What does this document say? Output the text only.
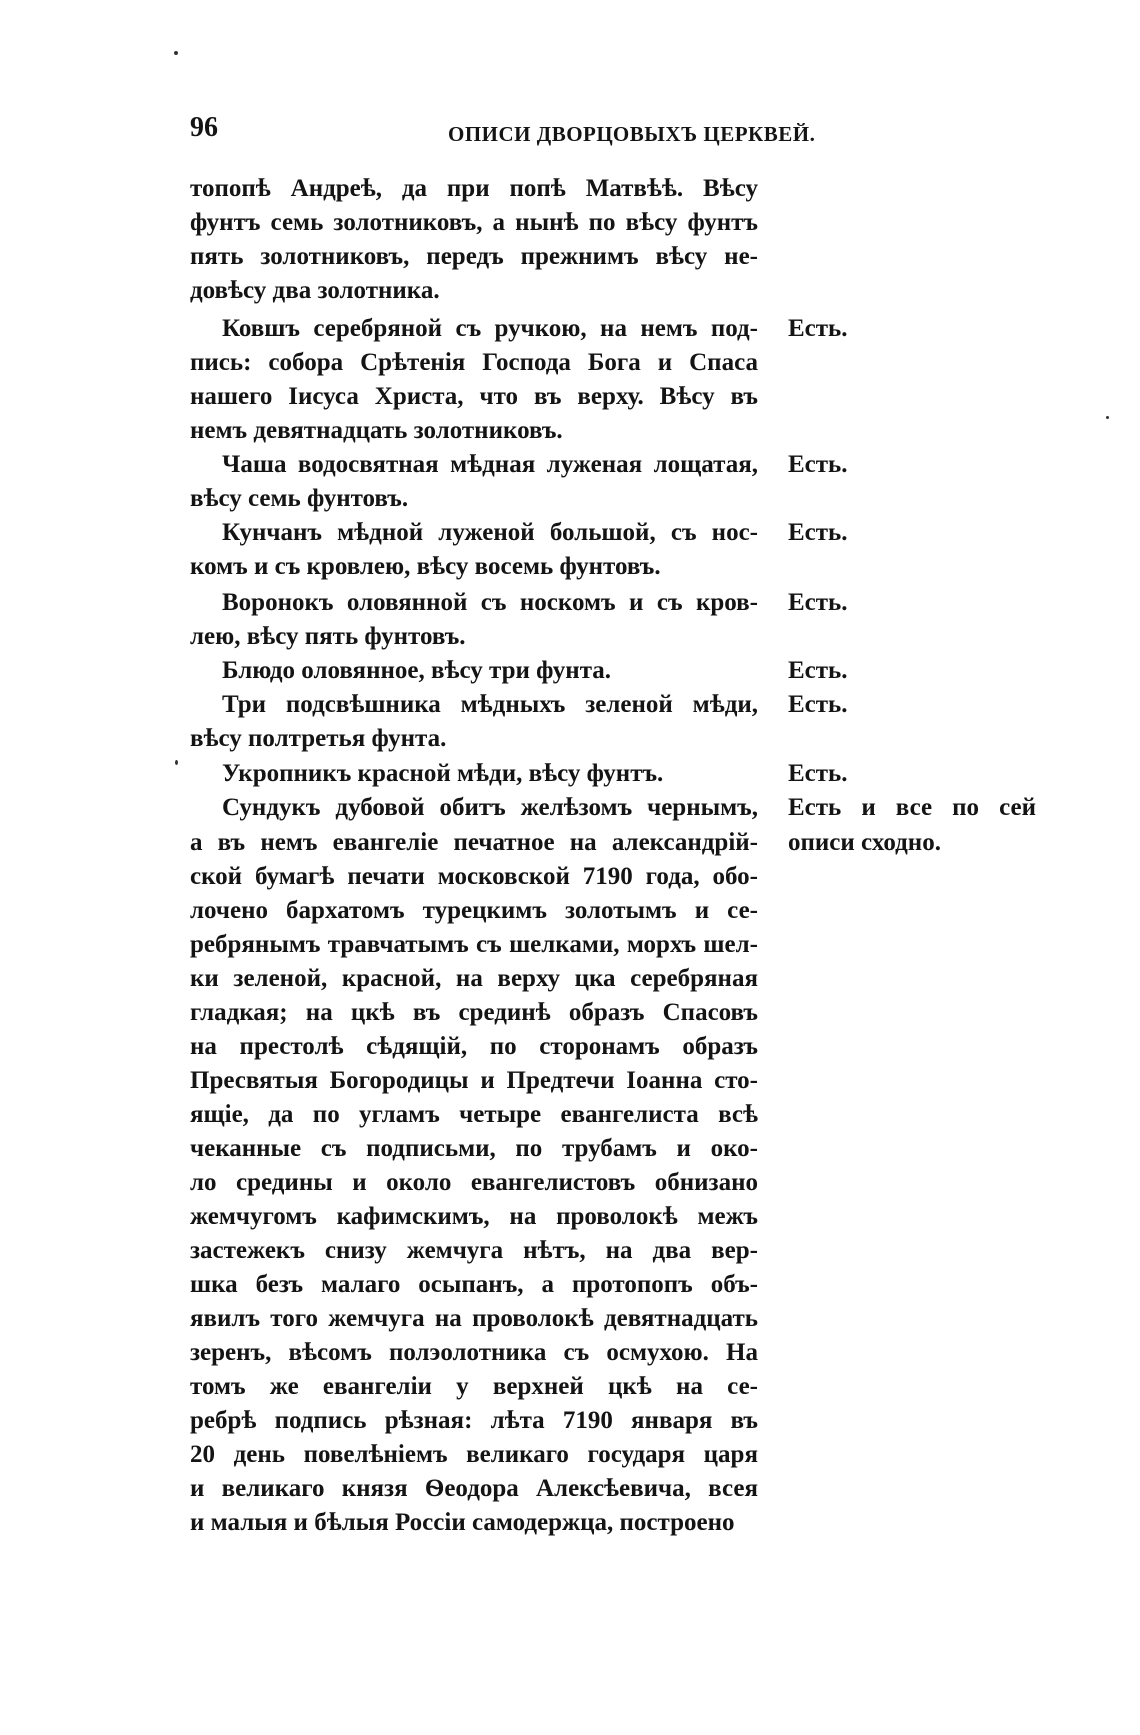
96	ОПИСИ ДВОРЦОВЫХЪ ЦЕРКВЕЙ.
топопѣ Андреѣ, да при попѣ Матвѣѣ. Вѣсу
фунтъ семь золотниковъ, а нынѣ по вѣсу фунтъ
пять золотниковъ, передъ прежнимъ вѣсу не-
довѣсу два золотника.
Ковшъ серебряной съ ручкою, на немъ под-
пись: собора Срѣтенія Господа Бога и Спаса
нашего Іисуса Христа, что въ верху. Вѣсу въ
немъ девятнадцать золотниковъ.
Чаша водосвятная мѣдная луженая лощатая,
вѣсу семь фунтовъ.
Кунчанъ мѣдной луженой большой, съ нос-
комъ и съ кровлею, вѣсу восемь фунтовъ.
Воронокъ оловянной съ носкомъ и съ кров-
лею, вѣсу пять фунтовъ.
Блюдо оловянное, вѣсу три фунта.
Три подсвѣшника мѣдныхъ зеленой мѣди,
вѣсу полтретья фунта.
Укропникъ красной мѣди, вѣсу фунтъ.
Сундукъ дубовой обитъ желѣзомъ чернымъ,
а въ немъ евангеліе печатное на александрій-
ской бумагѣ печати московской 7190 года, обо-
лочено бархатомъ турецкимъ золотымъ и се-
ребрянымъ травчатымъ съ шелками, морхъ шел-
ки зеленой, красной, на верху цка серебряная
гладкая; на цкѣ въ срединѣ образъ Спасовъ
на престолѣ сѣдящій, по сторонамъ образъ
Пресвятыя Богородицы и Предтечи Іоанна сто-
ящіе, да по угламъ четыре евангелиста всѣ
чеканные съ подписьми, по трубамъ и око-
ло средины и около евангелистовъ обнизано
жемчугомъ кафимскимъ, на проволокѣ межъ
застежекъ снизу жемчуга нѣтъ, на два вер-
шка безъ малаго осыпанъ, а протопопъ объ-
явилъ того жемчуга на проволокѣ девятнадцать
зеренъ, вѣсомъ полэолотника съ осмухою. На
томъ же евангеліи у верхней цкѣ на се-
ребрѣ подпись рѣзная: лѣта 7190 января въ
20 день повелѣніемъ великаго государя царя
и великаго князя Ѳеодора Алексѣевича, всея
и малыя и бѣлыя Россіи самодержца, построено
Есть.
Есть.
Есть.
Есть.
Есть.
Есть.
Есть.
Есть и все по сей
описи сходно.
